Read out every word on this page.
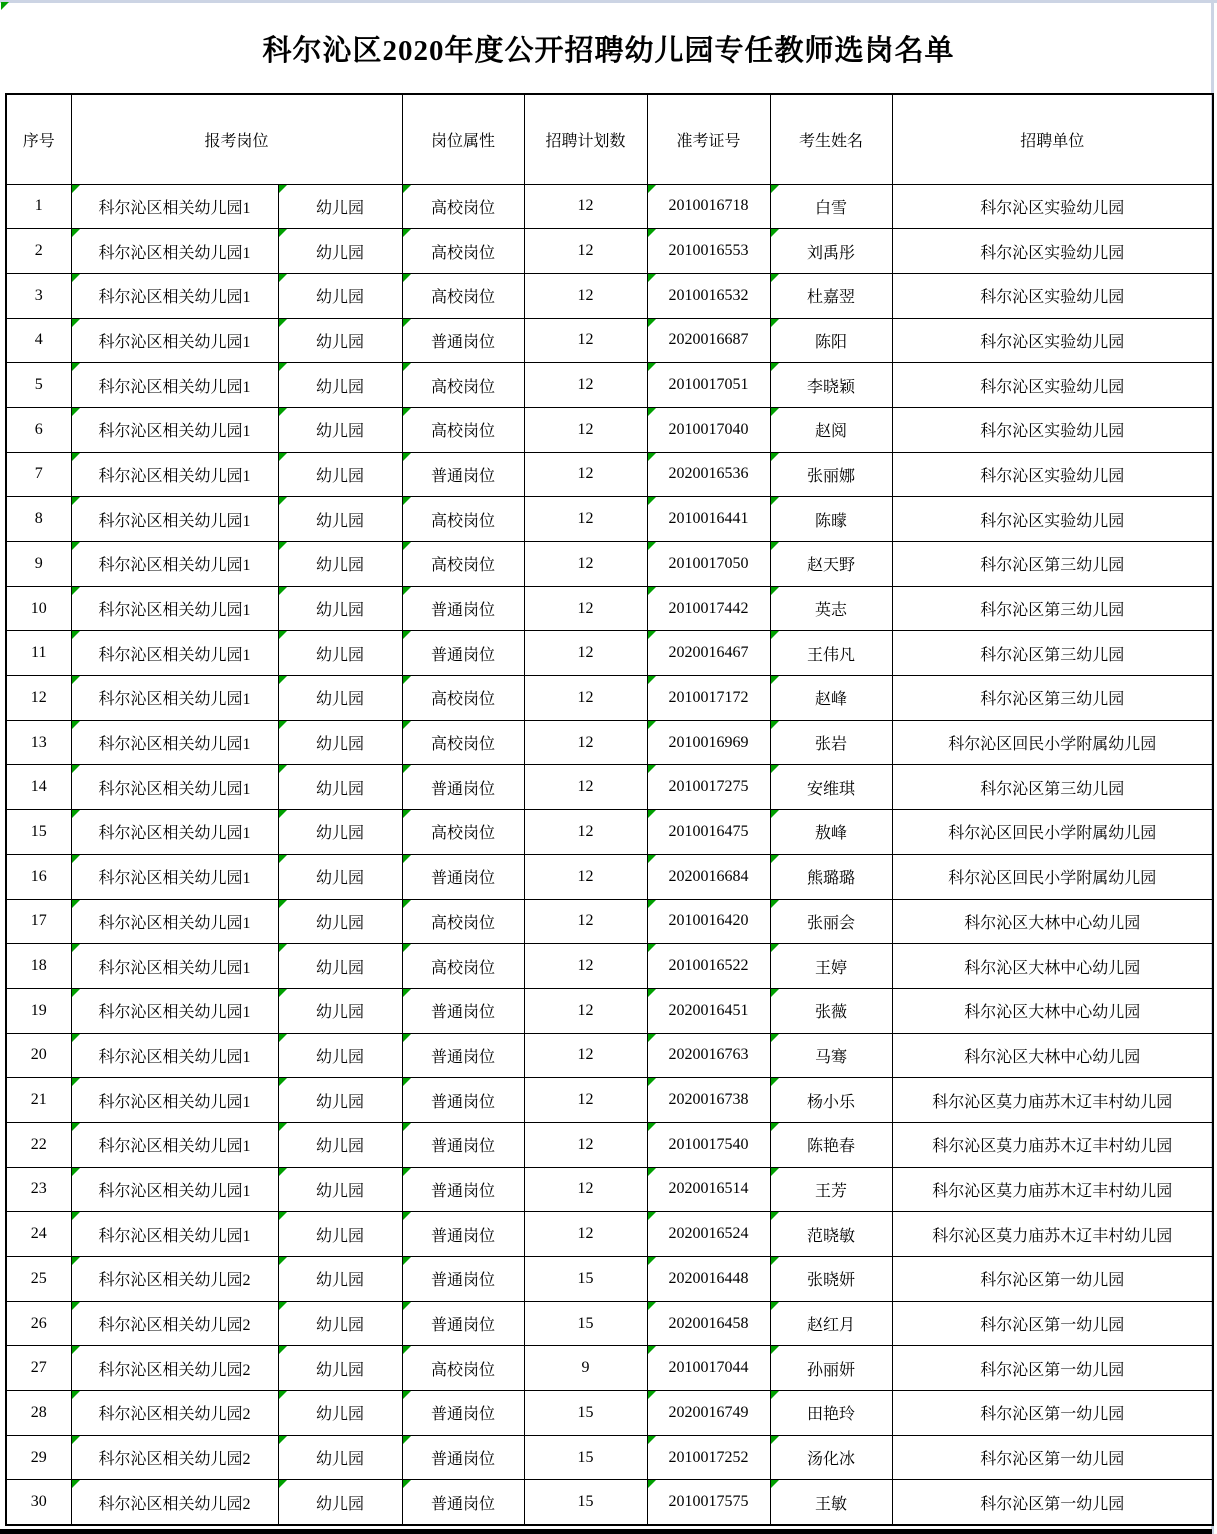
科尔沁区2020年度公开招聘幼儿园专任教师选岗名单
序号	报考岗位		岗位属性	招聘计划数	准考证号	考生姓名	招聘单位
1	科尔沁区相关幼儿园1	幼儿园	高校岗位	12	2010016718	白雪	科尔沁区实验幼儿园
2	科尔沁区相关幼儿园1	幼儿园	高校岗位	12	2010016553	刘禹彤	科尔沁区实验幼儿园
3	科尔沁区相关幼儿园1	幼儿园	高校岗位	12	2010016532	杜嘉翌	科尔沁区实验幼儿园
4	科尔沁区相关幼儿园1	幼儿园	普通岗位	12	2020016687	陈阳	科尔沁区实验幼儿园
5	科尔沁区相关幼儿园1	幼儿园	高校岗位	12	2010017051	李晓颖	科尔沁区实验幼儿园
6	科尔沁区相关幼儿园1	幼儿园	高校岗位	12	2010017040	赵阅	科尔沁区实验幼儿园
7	科尔沁区相关幼儿园1	幼儿园	普通岗位	12	2020016536	张丽娜	科尔沁区实验幼儿园
8	科尔沁区相关幼儿园1	幼儿园	高校岗位	12	2010016441	陈曚	科尔沁区实验幼儿园
9	科尔沁区相关幼儿园1	幼儿园	高校岗位	12	2010017050	赵天野	科尔沁区第三幼儿园
10	科尔沁区相关幼儿园1	幼儿园	普通岗位	12	2010017442	英志	科尔沁区第三幼儿园
11	科尔沁区相关幼儿园1	幼儿园	普通岗位	12	2020016467	王伟凡	科尔沁区第三幼儿园
12	科尔沁区相关幼儿园1	幼儿园	高校岗位	12	2010017172	赵峰	科尔沁区第三幼儿园
13	科尔沁区相关幼儿园1	幼儿园	高校岗位	12	2010016969	张岩	科尔沁区回民小学附属幼儿园
14	科尔沁区相关幼儿园1	幼儿园	普通岗位	12	2010017275	安维琪	科尔沁区第三幼儿园
15	科尔沁区相关幼儿园1	幼儿园	高校岗位	12	2010016475	敖峰	科尔沁区回民小学附属幼儿园
16	科尔沁区相关幼儿园1	幼儿园	普通岗位	12	2020016684	熊璐璐	科尔沁区回民小学附属幼儿园
17	科尔沁区相关幼儿园1	幼儿园	高校岗位	12	2010016420	张丽会	科尔沁区大林中心幼儿园
18	科尔沁区相关幼儿园1	幼儿园	高校岗位	12	2010016522	王婷	科尔沁区大林中心幼儿园
19	科尔沁区相关幼儿园1	幼儿园	普通岗位	12	2020016451	张薇	科尔沁区大林中心幼儿园
20	科尔沁区相关幼儿园1	幼儿园	普通岗位	12	2020016763	马骞	科尔沁区大林中心幼儿园
21	科尔沁区相关幼儿园1	幼儿园	普通岗位	12	2020016738	杨小乐	科尔沁区莫力庙苏木辽丰村幼儿园
22	科尔沁区相关幼儿园1	幼儿园	普通岗位	12	2010017540	陈艳春	科尔沁区莫力庙苏木辽丰村幼儿园
23	科尔沁区相关幼儿园1	幼儿园	普通岗位	12	2020016514	王芳	科尔沁区莫力庙苏木辽丰村幼儿园
24	科尔沁区相关幼儿园1	幼儿园	普通岗位	12	2020016524	范晓敏	科尔沁区莫力庙苏木辽丰村幼儿园
25	科尔沁区相关幼儿园2	幼儿园	普通岗位	15	2020016448	张晓妍	科尔沁区第一幼儿园
26	科尔沁区相关幼儿园2	幼儿园	普通岗位	15	2020016458	赵红月	科尔沁区第一幼儿园
27	科尔沁区相关幼儿园2	幼儿园	高校岗位	9	2010017044	孙丽妍	科尔沁区第一幼儿园
28	科尔沁区相关幼儿园2	幼儿园	普通岗位	15	2020016749	田艳玲	科尔沁区第一幼儿园
29	科尔沁区相关幼儿园2	幼儿园	普通岗位	15	2010017252	汤化冰	科尔沁区第一幼儿园
30	科尔沁区相关幼儿园2	幼儿园	普通岗位	15	2010017575	王敏	科尔沁区第一幼儿园
